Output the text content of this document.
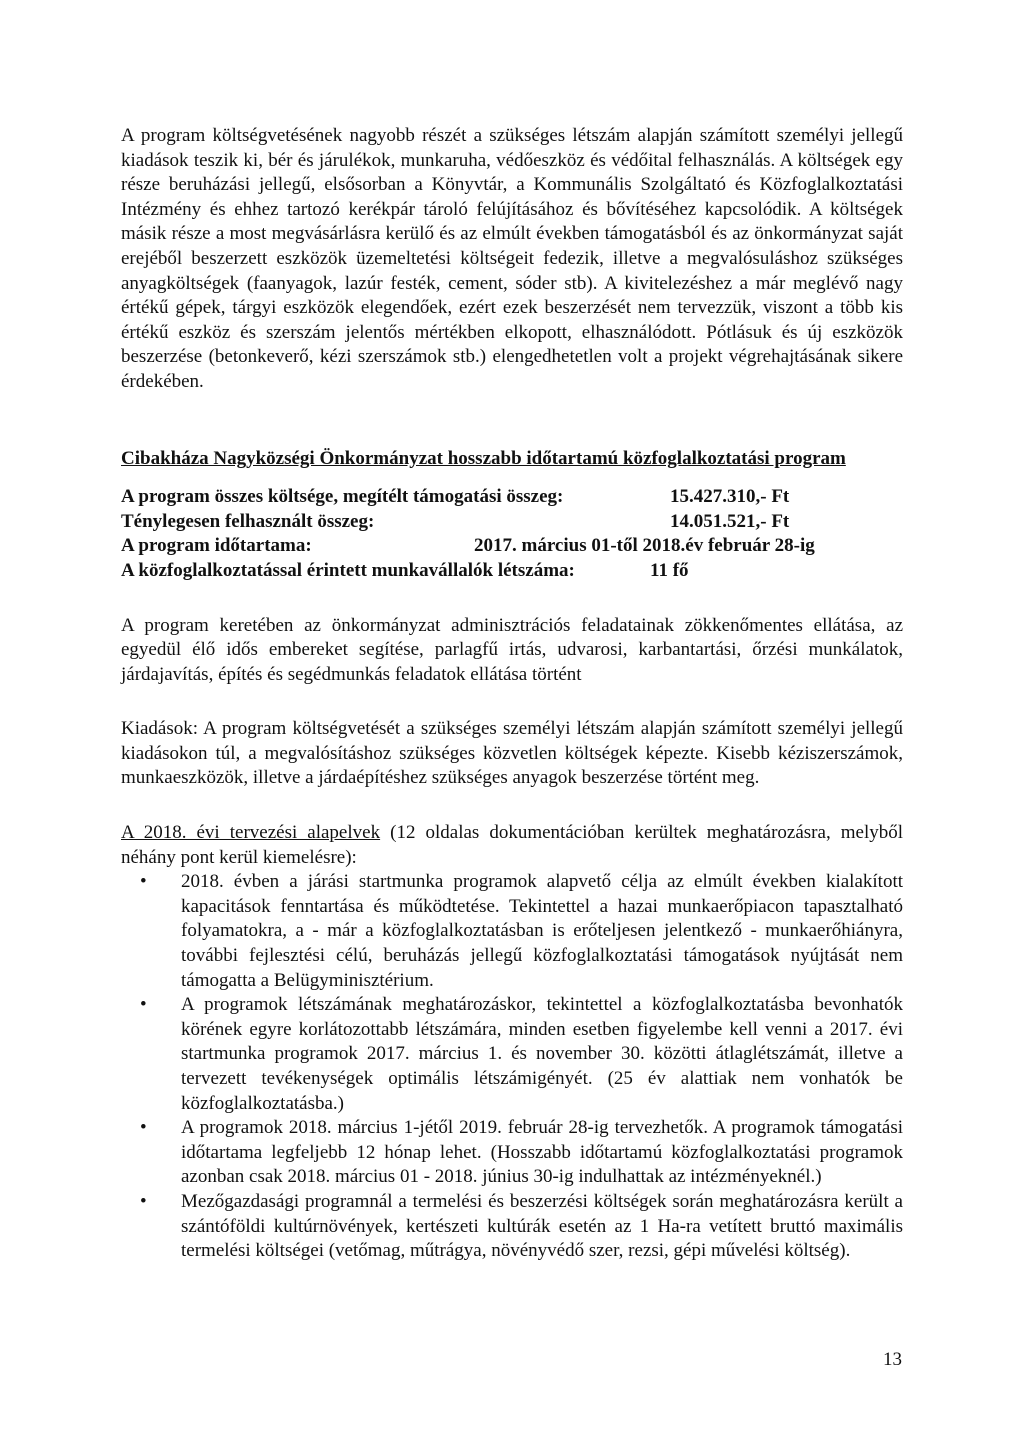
A program költségvetésének nagyobb részét a szükséges létszám alapján számított személyi jellegű kiadások teszik ki, bér és járulékok, munkaruha, védőeszköz és védőital felhasználás. A költségek egy része beruházási jellegű, elsősorban a Könyvtár, a Kommunális Szolgáltató és Közfoglalkoztatási Intézmény és ehhez tartozó kerékpár tároló felújításához és bővítéséhez kapcsolódik. A költségek másik része a most megvásárlásra kerülő és az elmúlt években támogatásból és az önkormányzat saját erejéből beszerzett eszközök üzemeltetési költségeit fedezik, illetve a megvalósuláshoz szükséges anyagköltségek (faanyagok, lazúr festék, cement, sóder stb). A kivitelezéshez a már meglévő nagy értékű gépek, tárgyi eszközök elegendőek, ezért ezek beszerzését nem tervezzük, viszont a több kis értékű eszköz és szerszám jelentős mértékben elkopott, elhasználódott. Pótlásuk és új eszközök beszerzése (betonkeverő, kézi szerszámok stb.) elengedhetetlen volt a projekt végrehajtásának sikere érdekében.

Cibakháza Nagyközségi Önkormányzat hosszabb időtartamú közfoglalkoztatási program

A program összes költsége, megítélt támogatási összeg:	15.427.310,- Ft
Ténylegesen felhasznált összeg:	14.051.521,- Ft
A program időtartama:	2017. március 01-től 2018.év február 28-ig
A közfoglalkoztatással érintett munkavállalók létszáma:	11 fő

A program keretében az önkormányzat adminisztrációs feladatainak zökkenőmentes ellátása, az egyedül élő idős embereket segítése, parlagfű irtás, udvarosi, karbantartási, őrzési munkálatok, járdajavítás, építés és segédmunkás feladatok ellátása történt

Kiadások: A program költségvetését a szükséges személyi létszám alapján számított személyi jellegű kiadásokon túl, a megvalósításhoz szükséges közvetlen költségek képezte. Kisebb kéziszerszámok, munkaeszközök, illetve a járdaépítéshez szükséges anyagok beszerzése történt meg.

A 2018. évi tervezési alapelvek (12 oldalas dokumentációban kerültek meghatározásra, melyből néhány pont kerül kiemelésre):

• 2018. évben a járási startmunka programok alapvető célja az elmúlt években kialakított kapacitások fenntartása és működtetése. Tekintettel a hazai munkaerőpiacon tapasztalható folyamatokra, a - már a közfoglalkoztatásban is erőteljesen jelentkező - munkaerőhiányra, további fejlesztési célú, beruházás jellegű közfoglalkoztatási támogatások nyújtását nem támogatta a Belügyminisztérium.
• A programok létszámának meghatározáskor, tekintettel a közfoglalkoztatásba bevonhatók körének egyre korlátozottabb létszámára, minden esetben figyelembe kell venni a 2017. évi startmunka programok 2017. március 1. és november 30. közötti átlaglétszámát, illetve a tervezett tevékenységek optimális létszámigényét. (25 év alattiak nem vonhatók be közfoglalkoztatásba.)
• A programok 2018. március 1-jétől 2019. február 28-ig tervezhetők. A programok támogatási időtartama legfeljebb 12 hónap lehet. (Hosszabb időtartamú közfoglalkoztatási programok azonban csak 2018. március 01 - 2018. június 30-ig indulhattak az intézményeknél.)
• Mezőgazdasági programnál a termelési és beszerzési költségek során meghatározásra került a szántóföldi kultúrnövények, kertészeti kultúrák esetén az 1 Ha-ra vetített bruttó maximális termelési költségei (vetőmag, műtrágya, növényvédő szer, rezsi, gépi művelési költség).
13
